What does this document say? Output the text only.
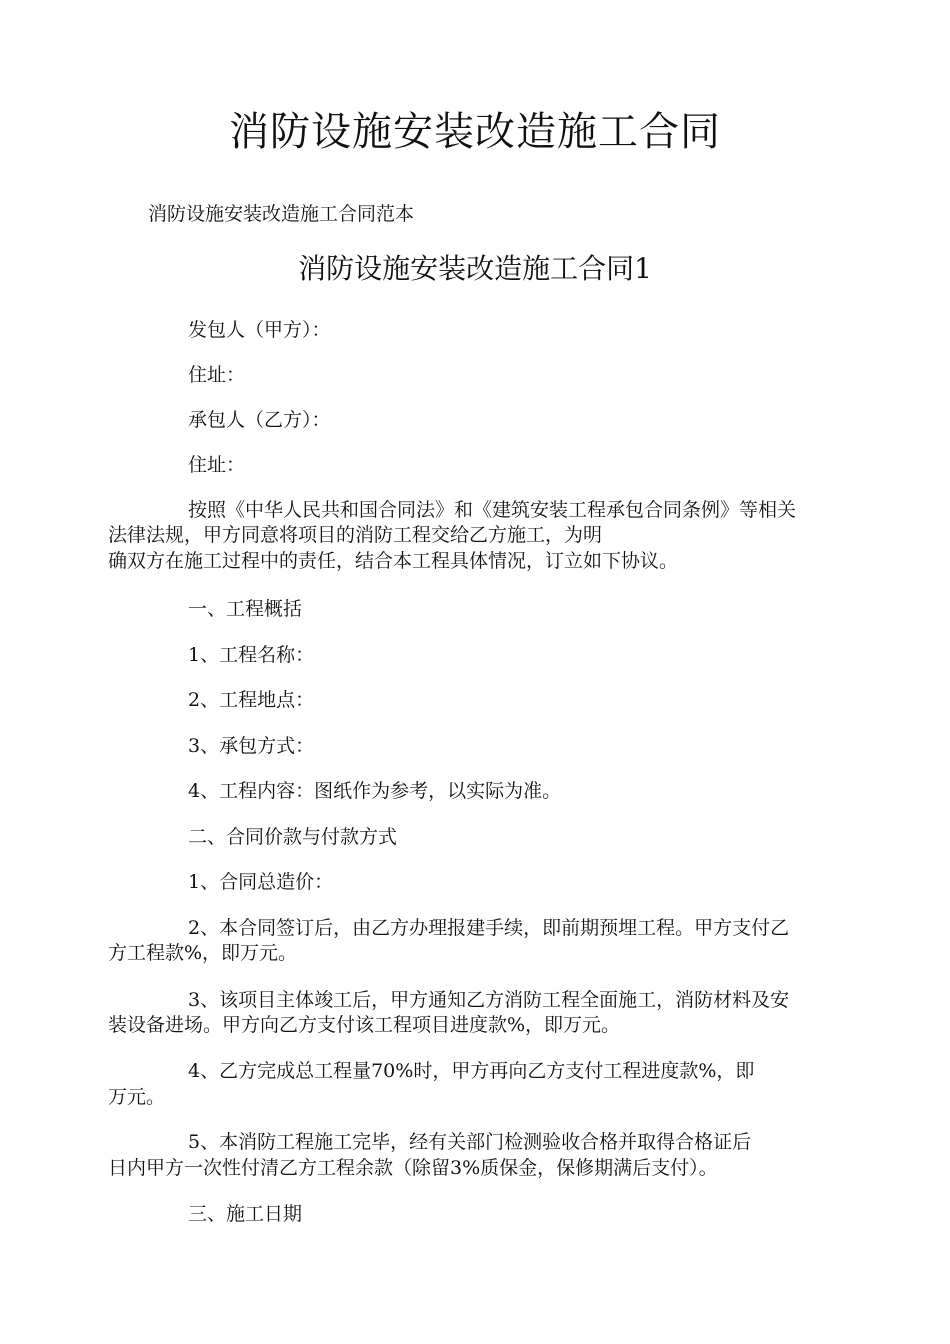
消防设施安装改造施工合同
消防设施安装改造施工合同范本
消防设施安装改造施工合同1
发包人（甲方）：
住址：
承包人（乙方）：
住址：
按照《中华人民共和国合同法》和《建筑安装工程承包合同条例》等相关
法律法规，甲方同意将项目的消防工程交给乙方施工，为明
确双方在施工过程中的责任，结合本工程具体情况，订立如下协议。
一、工程概括
1、工程名称：
2、工程地点：
3、承包方式：
4、工程内容：图纸作为参考，以实际为准。
二、合同价款与付款方式
1、合同总造价：
2、本合同签订后，由乙方办理报建手续，即前期预埋工程。甲方支付乙
方工程款%，即万元。
3、该项目主体竣工后，甲方通知乙方消防工程全面施工，消防材料及安
装设备进场。甲方向乙方支付该工程项目进度款%，即万元。
4、乙方完成总工程量70%时，甲方再向乙方支付工程进度款%，即
万元。
5、本消防工程施工完毕，经有关部门检测验收合格并取得合格证后
日内甲方一次性付清乙方工程余款（除留3%质保金，保修期满后支付）。
三、施工日期
